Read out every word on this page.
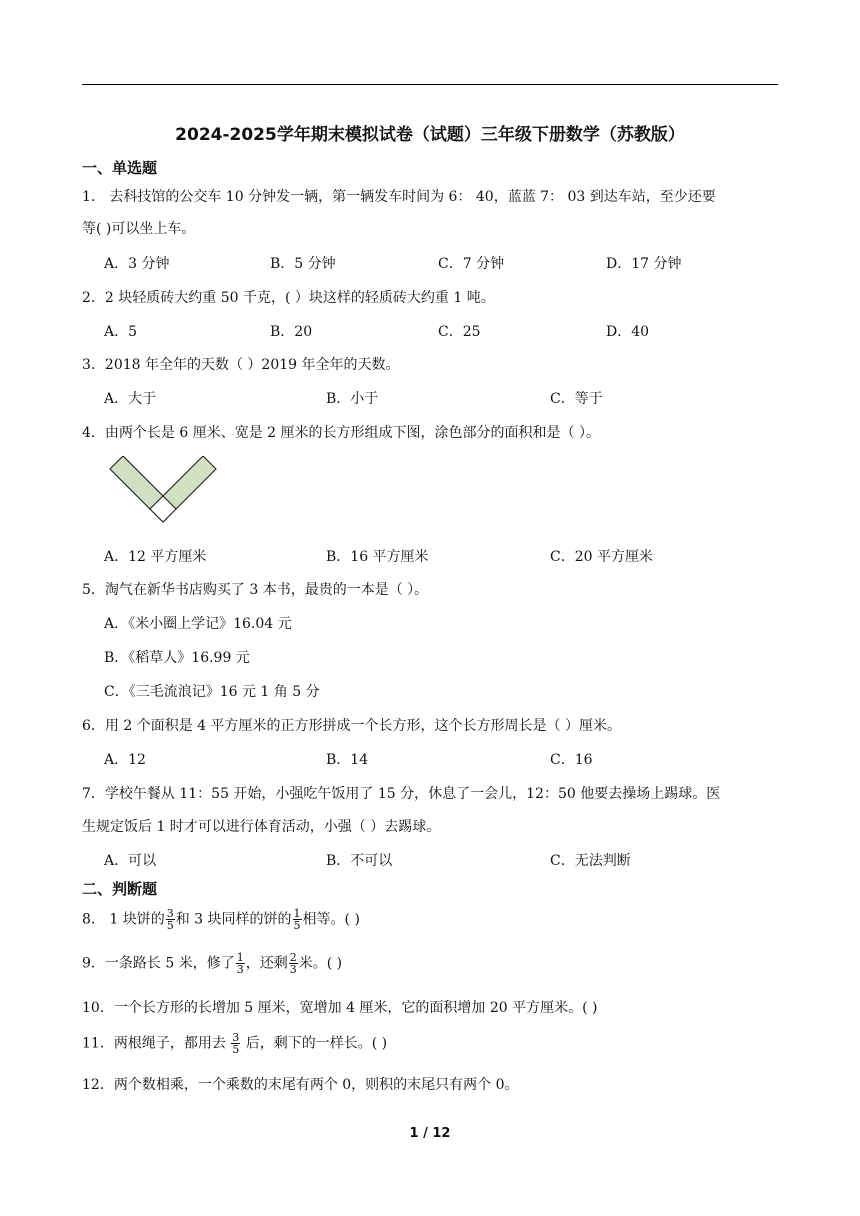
2024-2025学年期末模拟试卷（试题）三年级下册数学（苏教版）
一、单选题
1． 去科技馆的公交车 10 分钟发一辆，第一辆发车时间为 6： 40，蓝蓝 7： 03 到达车站，至少还要
等( )可以坐上车。
A．3 分钟	B．5 分钟	C．7 分钟	D．17 分钟
2．2 块轻质砖大约重 50 千克，( ）块这样的轻质砖大约重 1 吨。
A．5	B．20	C．25	D．40
3．2018 年全年的天数（ ）2019 年全年的天数。
A．大于	B．小于	C．等于
4．由两个长是 6 厘米、宽是 2 厘米的长方形组成下图，涂色部分的面积和是（ ）。
A．12 平方厘米	B．16 平方厘米	C．20 平方厘米
5．淘气在新华书店购买了 3 本书，最贵的一本是（ ）。
A．《米小圈上学记》16.04 元
B．《稻草人》16.99 元
C．《三毛流浪记》16 元 1 角 5 分
6．用 2 个面积是 4 平方厘米的正方形拼成一个长方形，这个长方形周长是（ ）厘米。
A．12	B．14	C．16
7．学校午餐从 11：55 开始，小强吃午饭用了 15 分，休息了一会儿，12：50 他要去操场上踢球。医
生规定饭后 1 时才可以进行体育活动，小强（ ）去踢球。
A．可以	B．不可以	C．无法判断
二、判断题
8． 1 块饼的 $\frac{3}{5}$ 和 3 块同样的饼的 $\frac{1}{5}$ 相等。( )
9．一条路长 5 米，修了 $\frac{1}{3}$ ，还剩 $\frac{2}{3}$ 米。( )
10．一个长方形的长增加 5 厘米，宽增加 4 厘米，它的面积增加 20 平方厘米。( )
11．两根绳子，都用去 $\frac{3}{5}$ 后，剩下的一样长。( )
12．两个数相乘，一个乘数的末尾有两个 0，则积的末尾只有两个 0。
1 / 12
